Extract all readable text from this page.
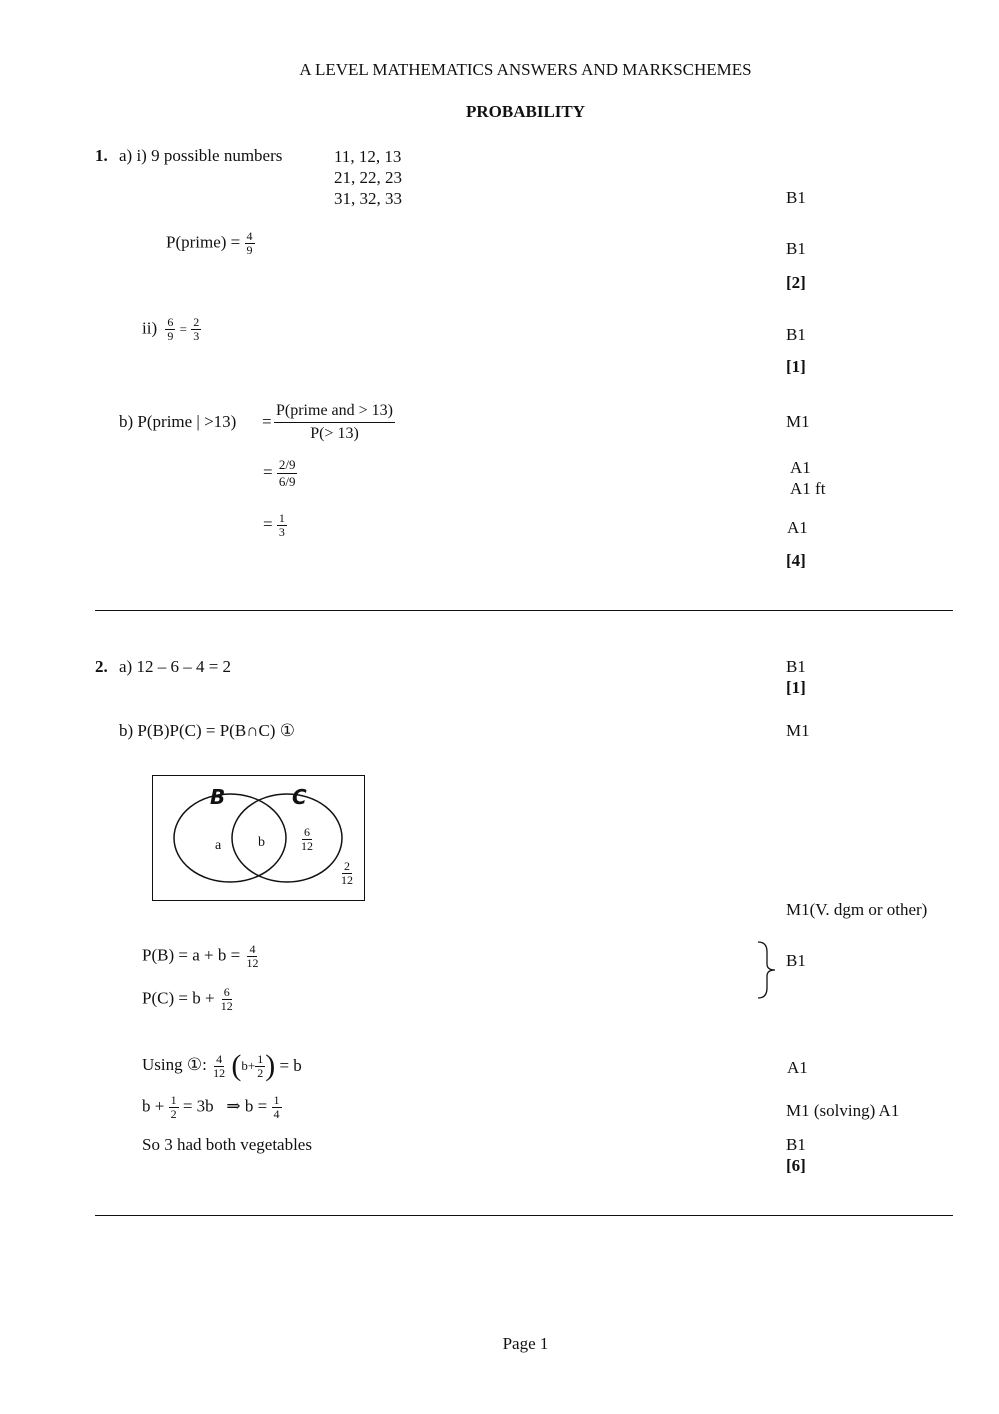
A LEVEL MATHEMATICS ANSWERS AND MARKSCHEMES
PROBABILITY
1. a) i) 9 possible numbers	11, 12, 13
21, 22, 23
31, 32, 33	B1
P(prime) = $\frac{4}{9}$	B1
[2]
$ii) \frac{6}{9} = \frac{2}{3}$	B1
[1]
b) P(prime | $>13) = \frac{\text{P(prime and > 13)}}{P(> 13)}$	M1
= $\frac{2/9}{6/9}$	A1
A1 ft
= $\frac{1}{3}$	A1
[4]
2. a) 12 – 6 – 4 = 2	B1
[1]
b) P(B)P(C) = P(B∩C) ①	M1
B	C
a	b	$\frac{6}{12}$
$\frac{2}{12}$
M1(V. dgm or other)
$P(B) = a + b = \frac{4}{12}$
$P(C) = b + \frac{6}{12}$
B1
Using ①: $\frac{4}{12} (b+ \frac{1}{2}$ ) = b	A1
$b + \frac{1}{2} = 3b$   ⇒ $b = \frac{1}{4}$	M1 (solving) A1
So 3 had both vegetables	B1
[6]
Page 1
